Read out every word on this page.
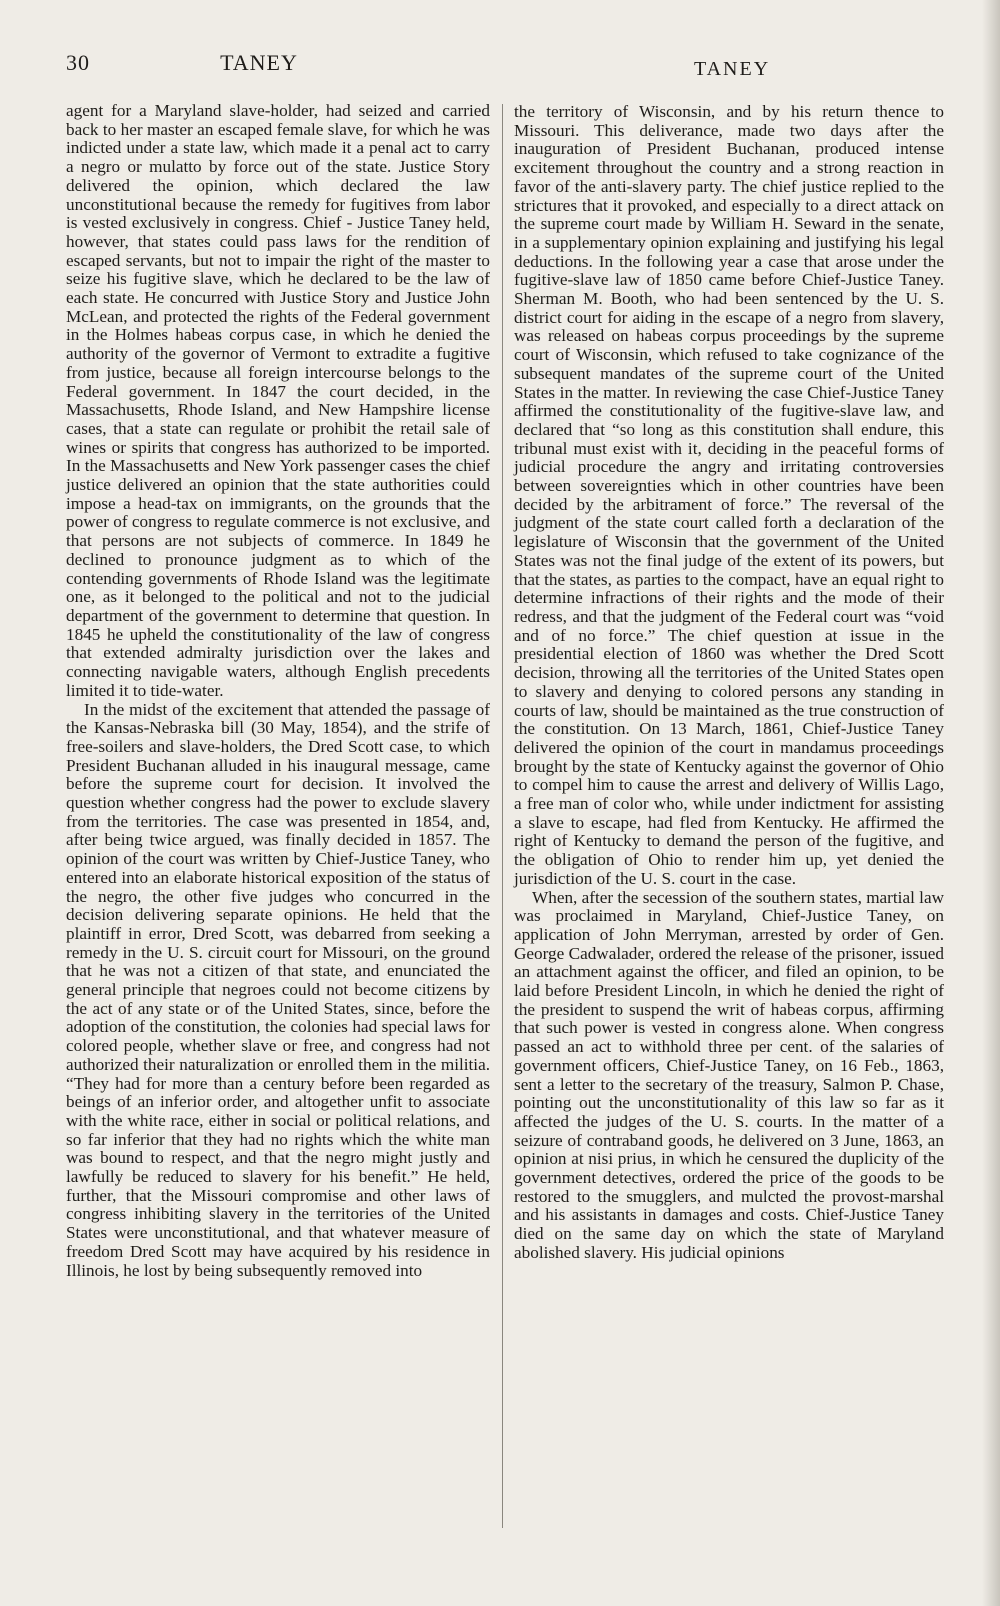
30	TANEY	TANEY

agent for a Maryland slave-holder, had seized and carried back to her master an escaped female slave, for which he was indicted under a state law, which made it a penal act to carry a negro or mulatto by force out of the state. Justice Story delivered the opinion, which declared the law unconstitutional because the remedy for fugitives from labor is vested exclusively in congress. Chief - Justice Taney held, however, that states could pass laws for the rendition of escaped servants, but not to impair the right of the master to seize his fugitive slave, which he declared to be the law of each state. He concurred with Justice Story and Justice John McLean, and protected the rights of the Federal government in the Holmes habeas corpus case, in which he denied the authority of the governor of Vermont to extradite a fugitive from justice, because all foreign intercourse belongs to the Federal government. In 1847 the court decided, in the Massachusetts, Rhode Island, and New Hampshire license cases, that a state can regulate or prohibit the retail sale of wines or spirits that congress has authorized to be imported. In the Massachusetts and New York passenger cases the chief justice delivered an opinion that the state authorities could impose a head-tax on immigrants, on the grounds that the power of congress to regulate commerce is not exclusive, and that persons are not subjects of commerce. In 1849 he declined to pronounce judgment as to which of the contending governments of Rhode Island was the legitimate one, as it belonged to the political and not to the judicial department of the government to determine that question. In 1845 he upheld the constitutionality of the law of congress that extended admiralty jurisdiction over the lakes and connecting navigable waters, although English precedents limited it to tide-water.

In the midst of the excitement that attended the passage of the Kansas-Nebraska bill (30 May, 1854), and the strife of free-soilers and slave-holders, the Dred Scott case, to which President Buchanan alluded in his inaugural message, came before the supreme court for decision. It involved the question whether congress had the power to exclude slavery from the territories. The case was presented in 1854, and, after being twice argued, was finally decided in 1857. The opinion of the court was written by Chief-Justice Taney, who entered into an elaborate historical exposition of the status of the negro, the other five judges who concurred in the decision delivering separate opinions. He held that the plaintiff in error, Dred Scott, was debarred from seeking a remedy in the U. S. circuit court for Missouri, on the ground that he was not a citizen of that state, and enunciated the general principle that negroes could not become citizens by the act of any state or of the United States, since, before the adoption of the constitution, the colonies had special laws for colored people, whether slave or free, and congress had not authorized their naturalization or enrolled them in the militia. “They had for more than a century before been regarded as beings of an inferior order, and altogether unfit to associate with the white race, either in social or political relations, and so far inferior that they had no rights which the white man was bound to respect, and that the negro might justly and lawfully be reduced to slavery for his benefit.” He held, further, that the Missouri compromise and other laws of congress inhibiting slavery in the territories of the United States were unconstitutional, and that whatever measure of freedom Dred Scott may have acquired by his residence in Illinois, he lost by being subsequently removed into

the territory of Wisconsin, and by his return thence to Missouri. This deliverance, made two days after the inauguration of President Buchanan, produced intense excitement throughout the country and a strong reaction in favor of the anti-slavery party. The chief justice replied to the strictures that it provoked, and especially to a direct attack on the supreme court made by William H. Seward in the senate, in a supplementary opinion explaining and justifying his legal deductions. In the following year a case that arose under the fugitive-slave law of 1850 came before Chief-Justice Taney. Sherman M. Booth, who had been sentenced by the U. S. district court for aiding in the escape of a negro from slavery, was released on habeas corpus proceedings by the supreme court of Wisconsin, which refused to take cognizance of the subsequent mandates of the supreme court of the United States in the matter. In reviewing the case Chief-Justice Taney affirmed the constitutionality of the fugitive-slave law, and declared that “so long as this constitution shall endure, this tribunal must exist with it, deciding in the peaceful forms of judicial procedure the angry and irritating controversies between sovereignties which in other countries have been decided by the arbitrament of force.” The reversal of the judgment of the state court called forth a declaration of the legislature of Wisconsin that the government of the United States was not the final judge of the extent of its powers, but that the states, as parties to the compact, have an equal right to determine infractions of their rights and the mode of their redress, and that the judgment of the Federal court was “void and of no force.” The chief question at issue in the presidential election of 1860 was whether the Dred Scott decision, throwing all the territories of the United States open to slavery and denying to colored persons any standing in courts of law, should be maintained as the true construction of the constitution. On 13 March, 1861, Chief-Justice Taney delivered the opinion of the court in mandamus proceedings brought by the state of Kentucky against the governor of Ohio to compel him to cause the arrest and delivery of Willis Lago, a free man of color who, while under indictment for assisting a slave to escape, had fled from Kentucky. He affirmed the right of Kentucky to demand the person of the fugitive, and the obligation of Ohio to render him up, yet denied the jurisdiction of the U. S. court in the case.

When, after the secession of the southern states, martial law was proclaimed in Maryland, Chief-Justice Taney, on application of John Merryman, arrested by order of Gen. George Cadwalader, ordered the release of the prisoner, issued an attachment against the officer, and filed an opinion, to be laid before President Lincoln, in which he denied the right of the president to suspend the writ of habeas corpus, affirming that such power is vested in congress alone. When congress passed an act to withhold three per cent. of the salaries of government officers, Chief-Justice Taney, on 16 Feb., 1863, sent a letter to the secretary of the treasury, Salmon P. Chase, pointing out the unconstitutionality of this law so far as it affected the judges of the U. S. courts. In the matter of a seizure of contraband goods, he delivered on 3 June, 1863, an opinion at nisi prius, in which he censured the duplicity of the government detectives, ordered the price of the goods to be restored to the smugglers, and mulcted the provost-marshal and his assistants in damages and costs. Chief-Justice Taney died on the same day on which the state of Maryland abolished slavery. His judicial opinions
